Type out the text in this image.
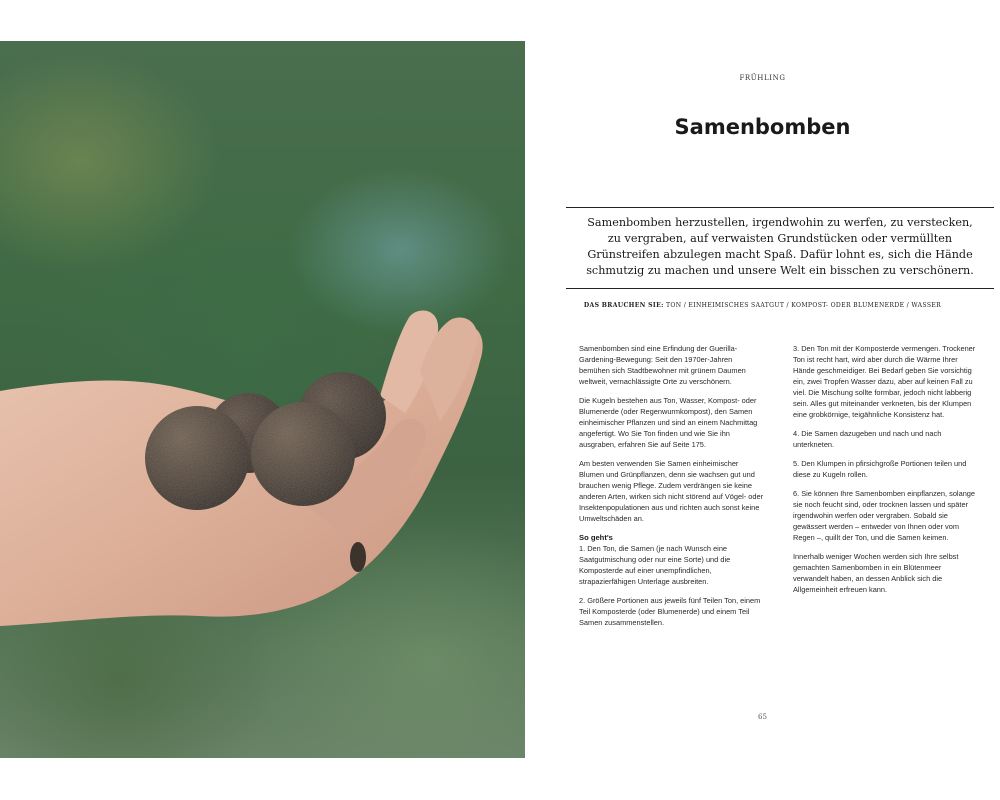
FRÜHLING
Samenbomben

Samenbomben herzustellen, irgendwohin zu werfen, zu verstecken, zu vergraben, auf verwaisten Grundstücken oder vermüllten Grünstreifen abzulegen macht Spaß. Dafür lohnt es, sich die Hände schmutzig zu machen und unsere Welt ein bisschen zu verschönern.

DAS BRAUCHEN SIE: TON / EINHEIMISCHES SAATGUT / KOMPOST- ODER BLUMENERDE / WASSER

Samenbomben sind eine Erfindung der Guerilla-Gardening-Bewegung: Seit den 1970er-Jahren bemühen sich Stadtbewohner mit grünem Daumen weltweit, vernachlässigte Orte zu verschönern.

Die Kugeln bestehen aus Ton, Wasser, Kompost- oder Blumenerde (oder Regenwurmkompost), den Samen einheimischer Pflanzen und sind an einem Nachmittag angefertigt. Wo Sie Ton finden und wie Sie ihn ausgraben, erfahren Sie auf Seite 175.

Am besten verwenden Sie Samen einheimischer Blumen und Grünpflanzen, denn sie wachsen gut und brauchen wenig Pflege. Zudem verdrängen sie keine anderen Arten, wirken sich nicht störend auf Vögel- oder Insektenpopulationen aus und richten auch sonst keine Umweltschäden an.

So geht's

1. Den Ton, die Samen (je nach Wunsch eine Saatgutmischung oder nur eine Sorte) und die Komposterde auf einer unempfindlichen, strapazierfähigen Unterlage ausbreiten.

2. Größere Portionen aus jeweils fünf Teilen Ton, einem Teil Komposterde (oder Blumenerde) und einem Teil Samen zusammenstellen.

3. Den Ton mit der Komposterde vermengen. Trockener Ton ist recht hart, wird aber durch die Wärme Ihrer Hände geschmeidiger. Bei Bedarf geben Sie vorsichtig ein, zwei Tropfen Wasser dazu, aber auf keinen Fall zu viel. Die Mischung sollte formbar, jedoch nicht labberig sein. Alles gut miteinander verkneten, bis der Klumpen eine grobkörnige, teigähnliche Konsistenz hat.

4. Die Samen dazugeben und nach und nach unterkneten.

5. Den Klumpen in pfirsichgroße Portionen teilen und diese zu Kugeln rollen.

6. Sie können Ihre Samenbomben einpflanzen, solange sie noch feucht sind, oder trocknen lassen und später irgendwohin werfen oder vergraben. Sobald sie gewässert werden – entweder von Ihnen oder vom Regen –, quillt der Ton, und die Samen keimen.

Innerhalb weniger Wochen werden sich Ihre selbst gemachten Samenbomben in ein Blütenmeer verwandelt haben, an dessen Anblick sich die Allgemeinheit erfreuen kann.

65
